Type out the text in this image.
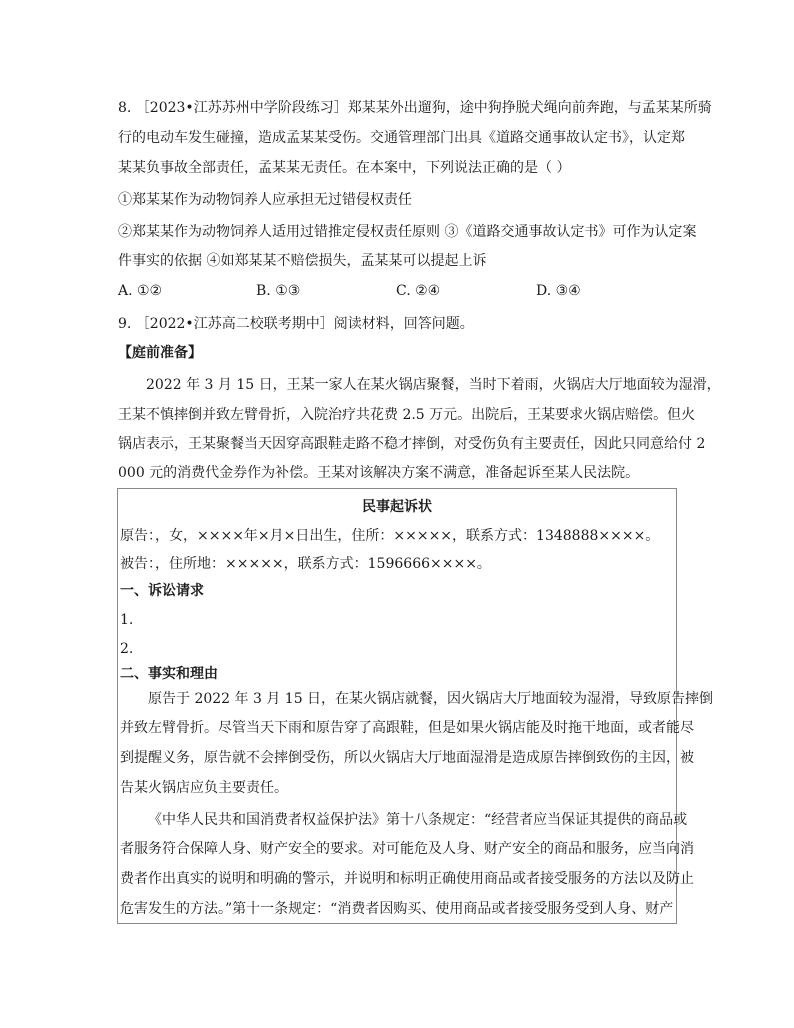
8. ［2023•江苏苏州中学阶段练习］郑某某外出遛狗，途中狗挣脱犬绳向前奔跑，与孟某某所骑
行的电动车发生碰撞，造成孟某某受伤。交通管理部门出具《道路交通事故认定书》，认定郑
某某负事故全部责任，孟某某无责任。在本案中，下列说法正确的是（ ）
①郑某某作为动物饲养人应承担无过错侵权责任
②郑某某作为动物饲养人适用过错推定侵权责任原则 ③《道路交通事故认定书》可作为认定案
件事实的依据 ④如郑某某不赔偿损失，孟某某可以提起上诉
A. ①②	B. ①③	C. ②④	D. ③④
9. ［2022•江苏高二校联考期中］阅读材料，回答问题。
【庭前准备】
2022 年 3 月 15 日，王某一家人在某火锅店聚餐，当时下着雨，火锅店大厅地面较为湿滑，
王某不慎摔倒并致左臂骨折，入院治疗共花费 2.5 万元。出院后，王某要求火锅店赔偿。但火
锅店表示，王某聚餐当天因穿高跟鞋走路不稳才摔倒，对受伤负有主要责任，因此只同意给付 2
000 元的消费代金券作为补偿。王某对该解决方案不满意，准备起诉至某人民法院。
民事起诉状
原告：，女，××××年×月×日出生，住所：×××××，联系方式：1348888××××。
被告：，住所地：×××××，联系方式：1596666××××。
一、诉讼请求
1.
2.
二、事实和理由
原告于 2022 年 3 月 15 日，在某火锅店就餐，因火锅店大厅地面较为湿滑，导致原告摔倒
并致左臂骨折。尽管当天下雨和原告穿了高跟鞋，但是如果火锅店能及时拖干地面，或者能尽
到提醒义务，原告就不会摔倒受伤，所以火锅店大厅地面湿滑是造成原告摔倒致伤的主因，被
告某火锅店应负主要责任。
《中华人民共和国消费者权益保护法》第十八条规定：“经营者应当保证其提供的商品或
者服务符合保障人身、财产安全的要求。对可能危及人身、财产安全的商品和服务，应当向消
费者作出真实的说明和明确的警示，并说明和标明正确使用商品或者接受服务的方法以及防止
危害发生的方法。”第十一条规定：“消费者因购买、使用商品或者接受服务受到人身、财产
